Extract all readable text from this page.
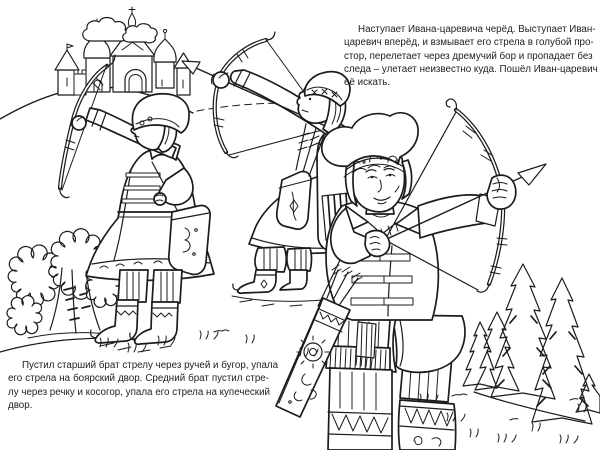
Наступает Ивана-царевича черёд. Выступает Иван-
царевич вперёд, и взмывает его стрела в голубой про-
стор, перелетает через дремучий бор и пропадает без
следа – улетает неизвестно куда. Пошёл Иван-царевич
её искать.
Пустил старший брат стрелу через ручей и бугор, упала
его стрела на боярский двор. Средний брат пустил стре-
лу через речку и косогор, упала его стрела на купеческий
двор.
